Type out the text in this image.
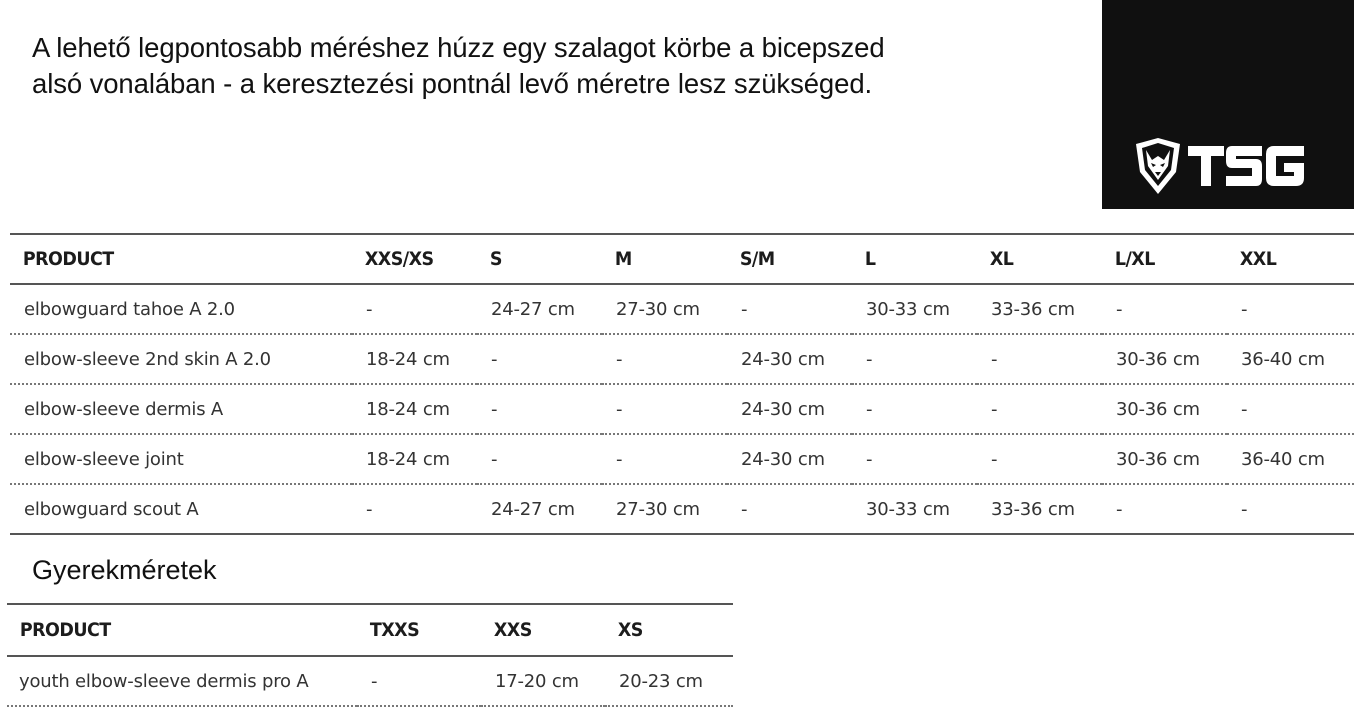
A lehető legpontosabb méréshez húzz egy szalagot körbe a bicepszed
alsó vonalában - a keresztezési pontnál levő méretre lesz szükséged.
PRODUCT	XXS/XS	S	M	S/M	L	XL	L/XL	XXL
elbowguard tahoe A 2.0	-	24-27 cm	27-30 cm	-	30-33 cm	33-36 cm	-	-
elbow-sleeve 2nd skin A 2.0	18-24 cm	-	-	24-30 cm	-	-	30-36 cm	36-40 cm
elbow-sleeve dermis A	18-24 cm	-	-	24-30 cm	-	-	30-36 cm	-
elbow-sleeve joint	18-24 cm	-	-	24-30 cm	-	-	30-36 cm	36-40 cm
elbowguard scout A	-	24-27 cm	27-30 cm	-	30-33 cm	33-36 cm	-	-
Gyerekméretek
PRODUCT	TXXS	XXS	XS
youth elbow-sleeve dermis pro A	-	17-20 cm	20-23 cm
